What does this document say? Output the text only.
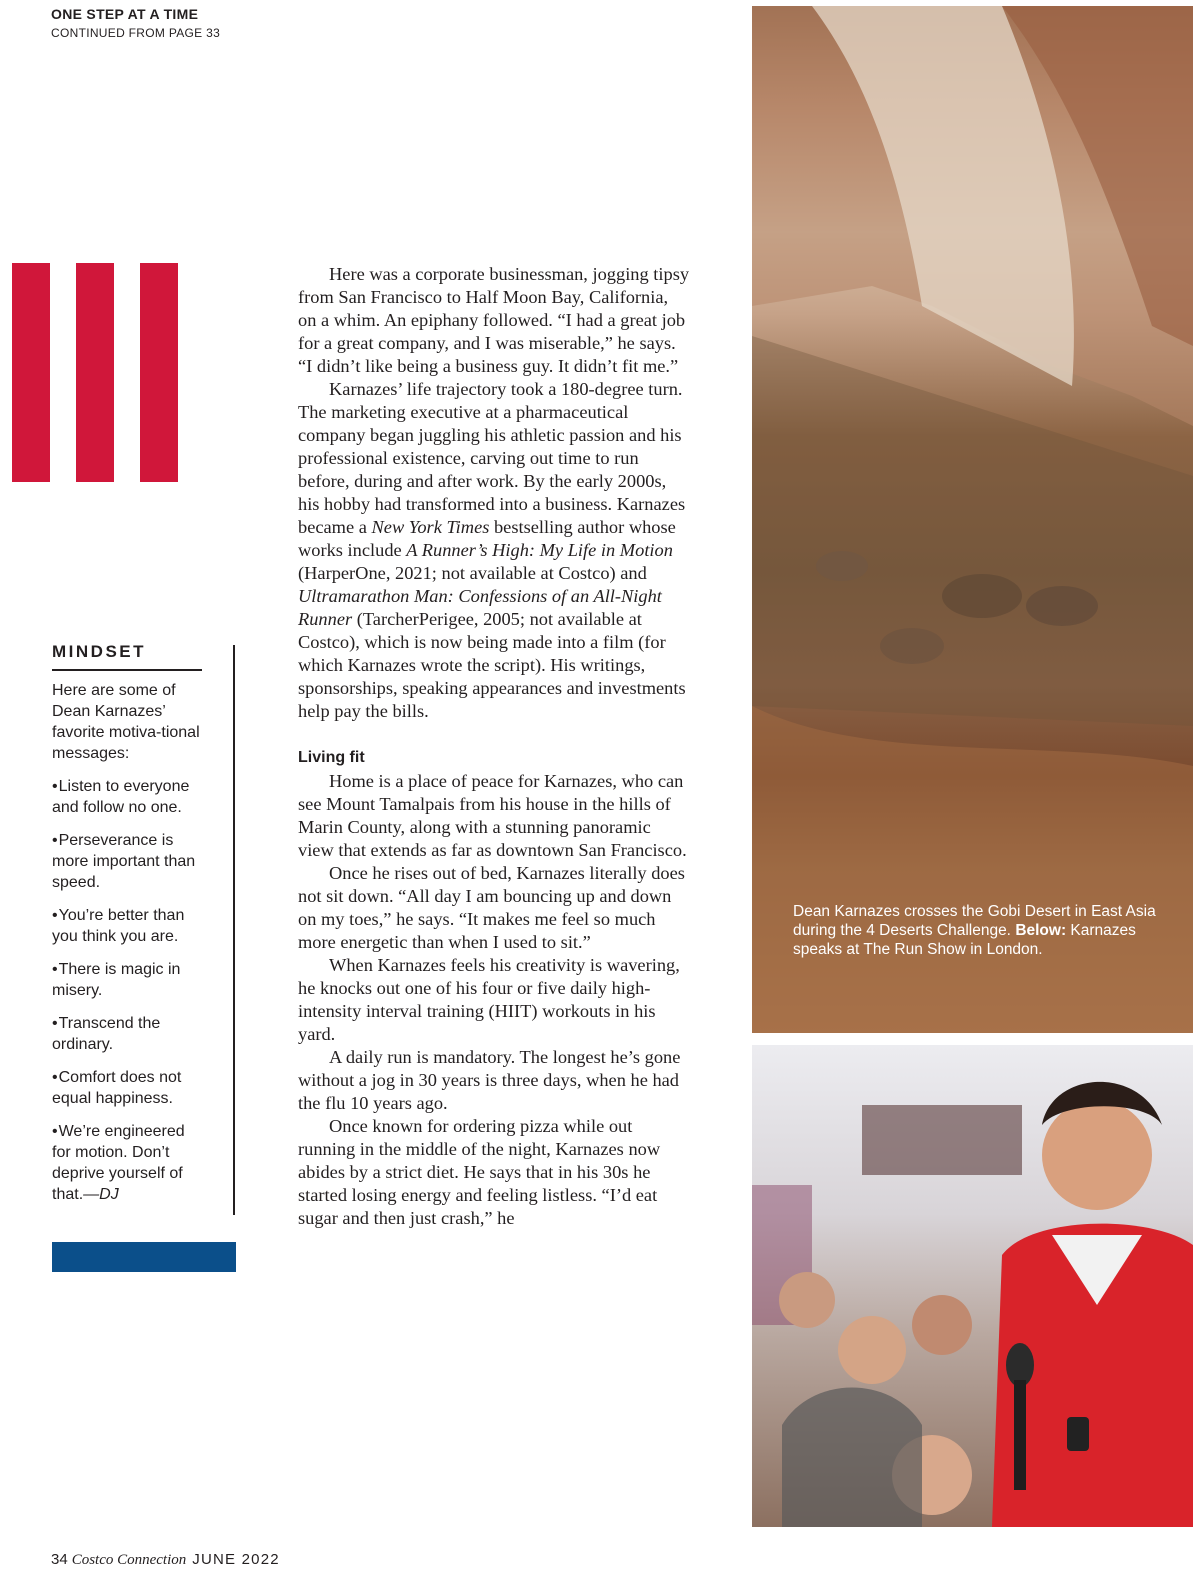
ONE STEP AT A TIME
CONTINUED FROM PAGE 33
MINDSET
Here are some of Dean Karnazes’ favorite motiva-tional messages:
• Listen to everyone and follow no one.
• Perseverance is more important than speed.
• You’re better than you think you are.
• There is magic in misery.
• Transcend the ordinary.
• Comfort does not equal happiness.
• We’re engineered for motion. Don’t deprive yourself of that.—DJ

Here was a corporate businessman, jogging tipsy from San Francisco to Half Moon Bay, California, on a whim. An epiphany followed. “I had a great job for a great company, and I was miserable,” he says. “I didn’t like being a business guy. It didn’t fit me.”

Karnazes’ life trajectory took a 180-degree turn. The marketing executive at a pharmaceutical company began juggling his athletic passion and his professional existence, carving out time to run before, during and after work. By the early 2000s, his hobby had transformed into a business. Karnazes became a New York Times bestselling author whose works include A Runner’s High: My Life in Motion (HarperOne, 2021; not available at Costco) and Ultramarathon Man: Confessions of an All-Night Runner (TarcherPerigee, 2005; not available at Costco), which is now being made into a film (for which Karnazes wrote the script). His writings, sponsorships, speaking appearances and investments help pay the bills.

Living fit

Home is a place of peace for Karnazes, who can see Mount Tamalpais from his house in the hills of Marin County, along with a stunning panoramic view that extends as far as downtown San Francisco.

Once he rises out of bed, Karnazes literally does not sit down. “All day I am bouncing up and down on my toes,” he says. “It makes me feel so much more energetic than when I used to sit.”

When Karnazes feels his creativity is wavering, he knocks out one of his four or five daily high-intensity interval training (HIIT) workouts in his yard.

A daily run is mandatory. The longest he’s gone without a jog in 30 years is three days, when he had the flu 10 years ago.

Once known for ordering pizza while out running in the middle of the night, Karnazes now abides by a strict diet. He says that in his 30s he started losing energy and feeling listless. “I’d eat sugar and then just crash,” he

Dean Karnazes crosses the Gobi Desert in East Asia during the 4 Deserts Challenge. Below: Karnazes speaks at The Run Show in London.
34 Costco Connection JUNE 2022
